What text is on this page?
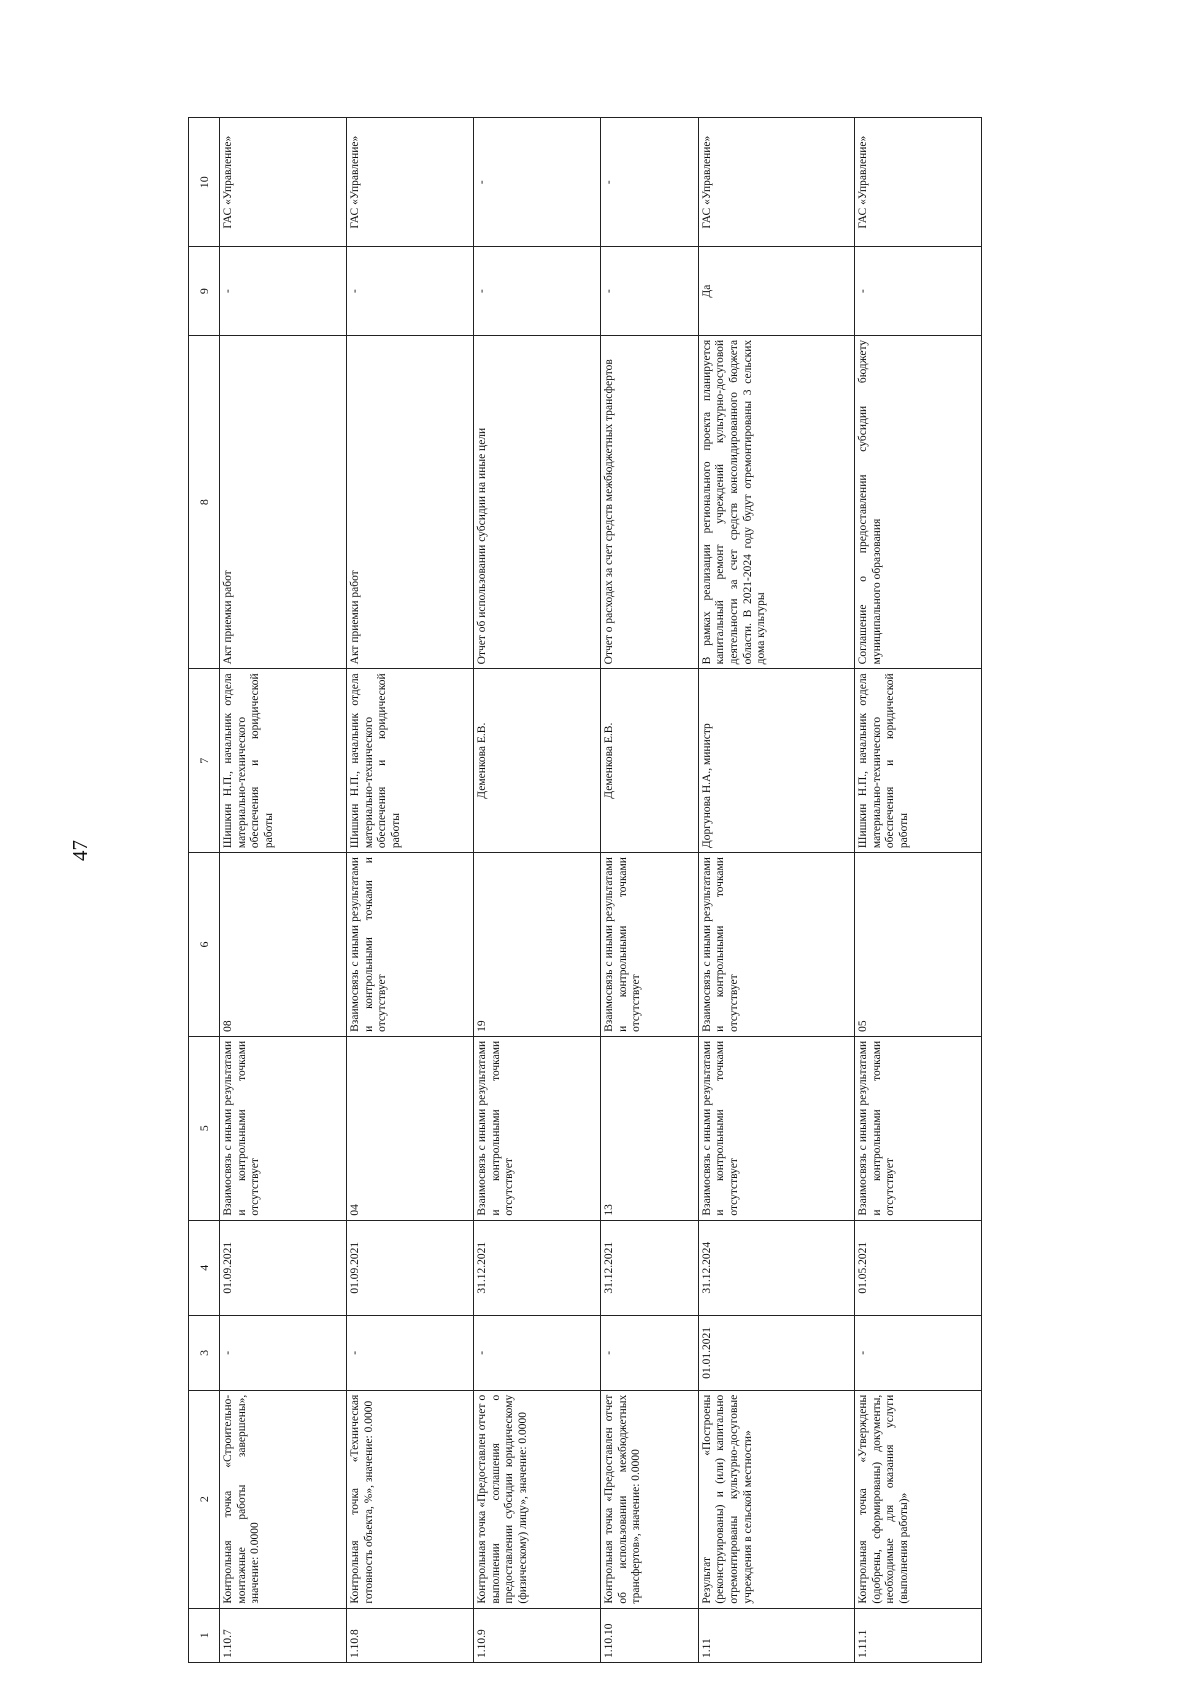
47
1	2	3	4	5	6	7	8	9	10
1.10.7	Контрольная точка «Строительно-монтажные работы завершены», значение: 0.0000	-	01.09.2021	Взаимосвязь с иными результатами и контрольными точками отсутствует	08	Шишкин Н.П., начальник отдела материально-технического обеспечения и юридической работы	Акт приемки работ	-	ГАС «Управление»
1.10.8	Контрольная точка «Техническая готовность объекта, %», значение: 0.0000	-	01.09.2021	04	Взаимосвязь с иными результатами и контрольными точками и отсутствует	Шишкин Н.П., начальник отдела материально-технического обеспечения и юридической работы	Акт приемки работ	-	ГАС «Управление»
1.10.9	Контрольная точка «Предоставлен отчет о выполнении соглашения о предоставлении субсидии юридическому (физическому) лицу», значение: 0.0000	-	31.12.2021	Взаимосвязь с иными результатами и контрольными точками отсутствует	19	Деменкова Е.В.	Отчет об использовании субсидии на иные цели	-	-
1.10.10	Контрольная точка «Предоставлен отчет об использовании межбюджетных трансфертов», значение: 0.0000	-	31.12.2021	13	Взаимосвязь с иными результатами и контрольными точками отсутствует	Деменкова Е.В.	Отчет о расходах за счет средств межбюджетных трансфертов	-	-
1.11	Результат «Построены (реконструированы) и (или) капитально отремонтированы культурно-досуговые учреждения в сельской местности»	01.01.2021	31.12.2024	Взаимосвязь с иными результатами и контрольными точками отсутствует	Взаимосвязь с иными результатами и контрольными точками отсутствует	Доргунова Н.А., министр	В рамках реализации регионального проекта планируется капитальный ремонт учреждений культурно-досуговой деятельности за счет средств консолидированного бюджета области. В 2021-2024 году будут отремонтированы 3 сельских дома культуры	Да	ГАС «Управление»
1.11.1	Контрольная точка «Утверждены (одобрены, сформированы) документы, необходимые для оказания услуги (выполнения работы)»	-	01.05.2021	Взаимосвязь с иными результатами и контрольными точками отсутствует	05	Шишкин Н.П., начальник отдела материально-технического обеспечения и юридической работы	Соглашение о предоставлении субсидии бюджету муниципального образования	-	ГАС «Управление»
